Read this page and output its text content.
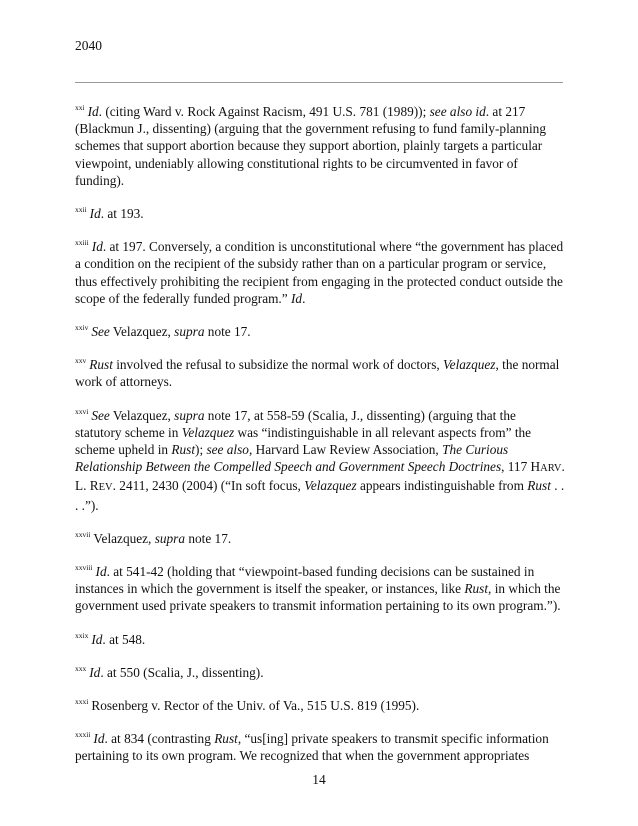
2040

$^{xxi}$ Id. (citing Ward v. Rock Against Racism, 491 U.S. 781 (1989)); see also id. at 217 (Blackmun J., dissenting) (arguing that the government refusing to fund family-planning schemes that support abortion because they support abortion, plainly targets a particular viewpoint, undeniably allowing constitutional rights to be circumvented in favor of funding).

$^{xxii}$ Id. at 193.

$^{xxiii}$ Id. at 197. Conversely, a condition is unconstitutional where “the government has placed a condition on the recipient of the subsidy rather than on a particular program or service, thus effectively prohibiting the recipient from engaging in the protected conduct outside the scope of the federally funded program.” Id.

$^{xxiv}$ See Velazquez, supra note 17.

$^{xxv}$ Rust involved the refusal to subsidize the normal work of doctors, Velazquez, the normal work of attorneys.

$^{xxvi}$ See Velazquez, supra note 17, at 558-59 (Scalia, J., dissenting) (arguing that the statutory scheme in Velazquez was “indistinguishable in all relevant aspects from” the scheme upheld in Rust); see also, Harvard Law Review Association, The Curious Relationship Between the Compelled Speech and Government Speech Doctrines, 117 HARV. L. REV. 2411, 2430 (2004) (“In soft focus, Velazquez appears indistinguishable from Rust . . . .”).

$^{xxvii}$ Velazquez, supra note 17.

$^{xxviii}$ Id. at 541-42 (holding that “viewpoint-based funding decisions can be sustained in instances in which the government is itself the speaker, or instances, like Rust, in which the government used private speakers to transmit information pertaining to its own program.”).

$^{xxix}$ Id. at 548.

$^{xxx}$ Id. at 550 (Scalia, J., dissenting).

$^{xxxi}$ Rosenberg v. Rector of the Univ. of Va., 515 U.S. 819 (1995).

$^{xxxii}$ Id. at 834 (contrasting Rust, “us[ing] private speakers to transmit specific information pertaining to its own program. We recognized that when the government appropriates

14
